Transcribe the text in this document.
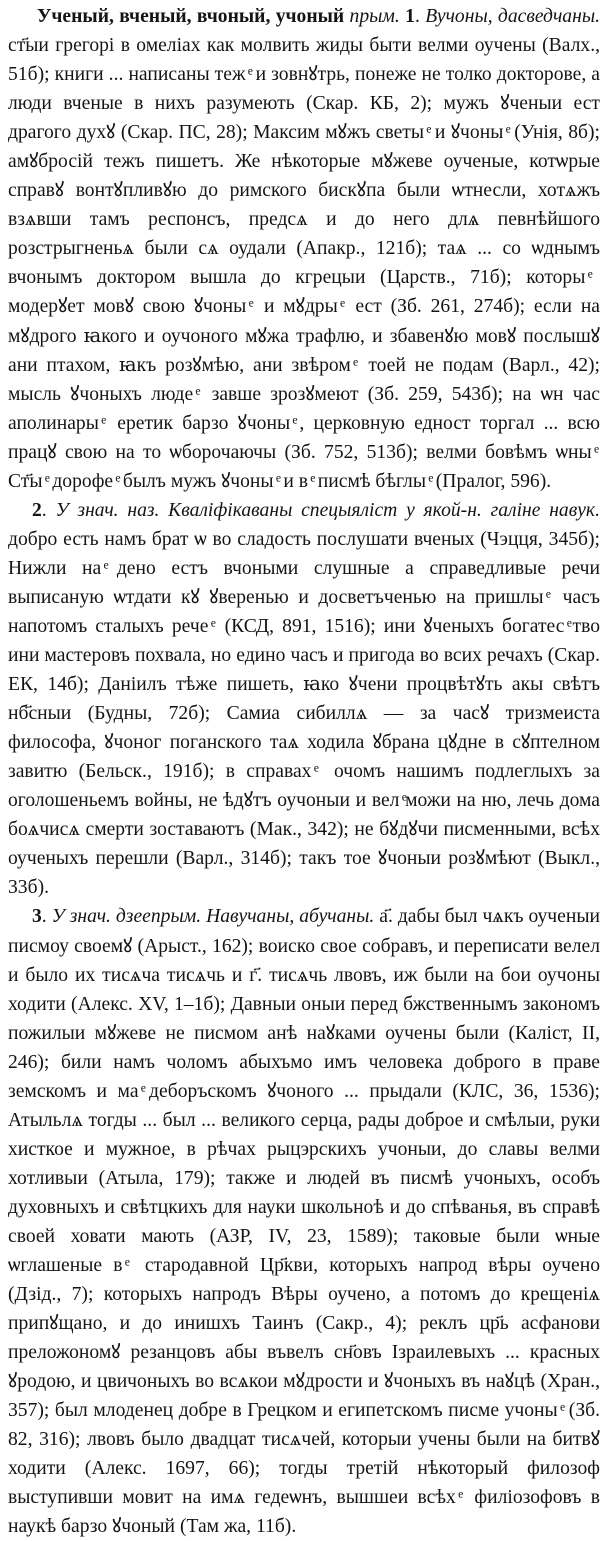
Ученый, вченый, вчоный, учоный прым. 1. Вучоны, дасведчаны. ст҃ыи грегорі в омеліах как молвить жиды быти велми оучены (Валх., 51б); книги ... написаны теж ͤ и зовнꙋтрь, понеже не толко докторове, а люди вченые в нихъ разумеють (Скар. КБ, 2); мужъ ꙋченыи ест драгого духꙋ (Скар. ПС, 28); Максим мꙋжъ светы ͤ и ꙋчоны ͤ (Унія, 8б); амꙋбросій тежъ пишетъ. Же нѣкоторые мꙋжеве оученые, котѡрые справꙋ вонтꙋпливꙋю до римского бискꙋпа были ѡтнесли, хотѧжъ взѧвши тамъ респонсъ, предсѧ и до него длѧ певнѣйшого розстрыгненьѧ были сѧ оудали (Апакр., 121б); таѧ ... со ѡднымъ вчонымъ доктором вышла до кгрецыи (Царств., 71б); которы ͤ модерꙋет мовꙋ свою ꙋчоны ͤ и мꙋдры ͤ ест (Зб. 261, 274б); если на мꙋдрого ꙗкого и оучоного мꙋжа трафлю, и збавенꙋю мовꙋ послышꙋ ани птахом, ꙗкъ розꙋмѣю, ани звѣром ͤ тоей не подам (Варл., 42); мысль ꙋчоныхъ люде ͤ завше зрозꙋмеют (Зб. 259, 543б); на ѡн час аполинары ͤ еретик барзо ꙋчоны ͤ, церковную едност торгал ... всю працꙋ свою на то ѡборочаючы (Зб. 752, 513б); велми бовѣмъ ѡны ͤ Ст҃ы ͤ дорофе ͤ былъ мужъ ꙋчоны ͤ и в ͤ писмѣ бѣглы ͤ (Пралог, 596).

2. У знач. наз. Кваліфікаваны спецыяліст у якой-н. галіне навук. добро есть намъ брат ѡ во сладость послушати вченых (Чэцця, 345б); Нижли на ͤдено естъ вчоными слушные а справедливые речи выписаную ѡтдати кꙋ ꙋверенью и досветъченью на пришлы ͤ часъ напотомъ сталыхъ рече ͤ (КСД, 891, 1516); ини ꙋченыхъ богатес ͤтво ини мастеровъ похвала, но едино часъ и пригода во всих речахъ (Скар. ЕК, 14б); Даніилъ тѣже пишеть, ꙗко ꙋчени процвѣтꙋть акы свѣтъ нб҃сныи (Будны, 72б); Самиа сибиллѧ — за часꙋ тризмеиста философа, ꙋчоног поганского таѧ ходила ꙋбрана цꙋдне в сꙋптелном завитю (Бельск., 191б); в справах ͤ очомъ нашимъ подлеглыхъ за оголошеньемъ войны, не ѣдꙋтъ оучоныи и вел ͤможи на ню, лечь дома боѧчисѧ смерти зоставаютъ (Мак., 342); не бꙋдꙋчи писменными, всѣх оученыхъ перешли (Варл., 314б); такъ тое ꙋчоныи розꙋмѣют (Выкл., 33б).

3. У знач. дзеепрым. Навучаны, абучаны. а҃. дабы был чѧкъ оученыи писмоу своемꙋ (Арыст., 162); воиско свое собравъ, и переписати велел и было их тисѧча тисѧчь и г҃. тисѧчь лвовъ, иж были на бои оучоны ходити (Алекс. XV, 1–1б); Давныи оныи перед бжственнымъ закономъ пожилыи мꙋжеве не писмом анѣ наꙋками оучены были (Каліст, II, 246); били намъ чоломъ абыхъмо имъ человека доброго в праве земскомъ и ма ͤдеборъскомъ ꙋчоного ... прыдали (КЛС, 36, 1536); Атыльлѧ тогды ... был ... великого серца, рады доброе и смѣлыи, руки хисткое и мужное, в рѣчах рыцэрскихъ учоныи, до славы велми хотливыи (Атыла, 179); также и людей въ писмѣ учоныхъ, особъ духовныхъ и свѣтцкихъ для науки школьноѣ и до спѣванья, въ справѣ своей ховати мають (АЗР, IV, 23, 1589); таковые были ѡные ѡглашеные в ͤ стародавной Цр҃кви, которыхъ напрод вѣры оучено (Дзід., 7); которыхъ напродъ Вѣры оучено, а потомъ до крещеніѧ припꙋщано, и до инишхъ Таинъ (Сакр., 4); реклъ цр҃ь асфанови преложономꙋ резанцовъ абы въвелъ сн҃овъ Ізраилевыхъ ... красных ꙋродою, и цвичоныхъ во всѧкои мꙋдрости и ꙋчоныхъ въ наꙋцѣ (Хран., 357); был млоденец добре в Грецком и египетскомъ писме учоны ͤ (Зб. 82, 316); лвовъ было двадцат тисѧчей, которыи учены были на битвꙋ ходити (Алекс. 1697, 66); тогды третій нѣкоторый филозоф выступивши мовит на имѧ гедеѡнъ, вышшеи всѣх ͤ филіозофовъ в наукѣ барзо ꙋчоный (Там жа, 11б).
